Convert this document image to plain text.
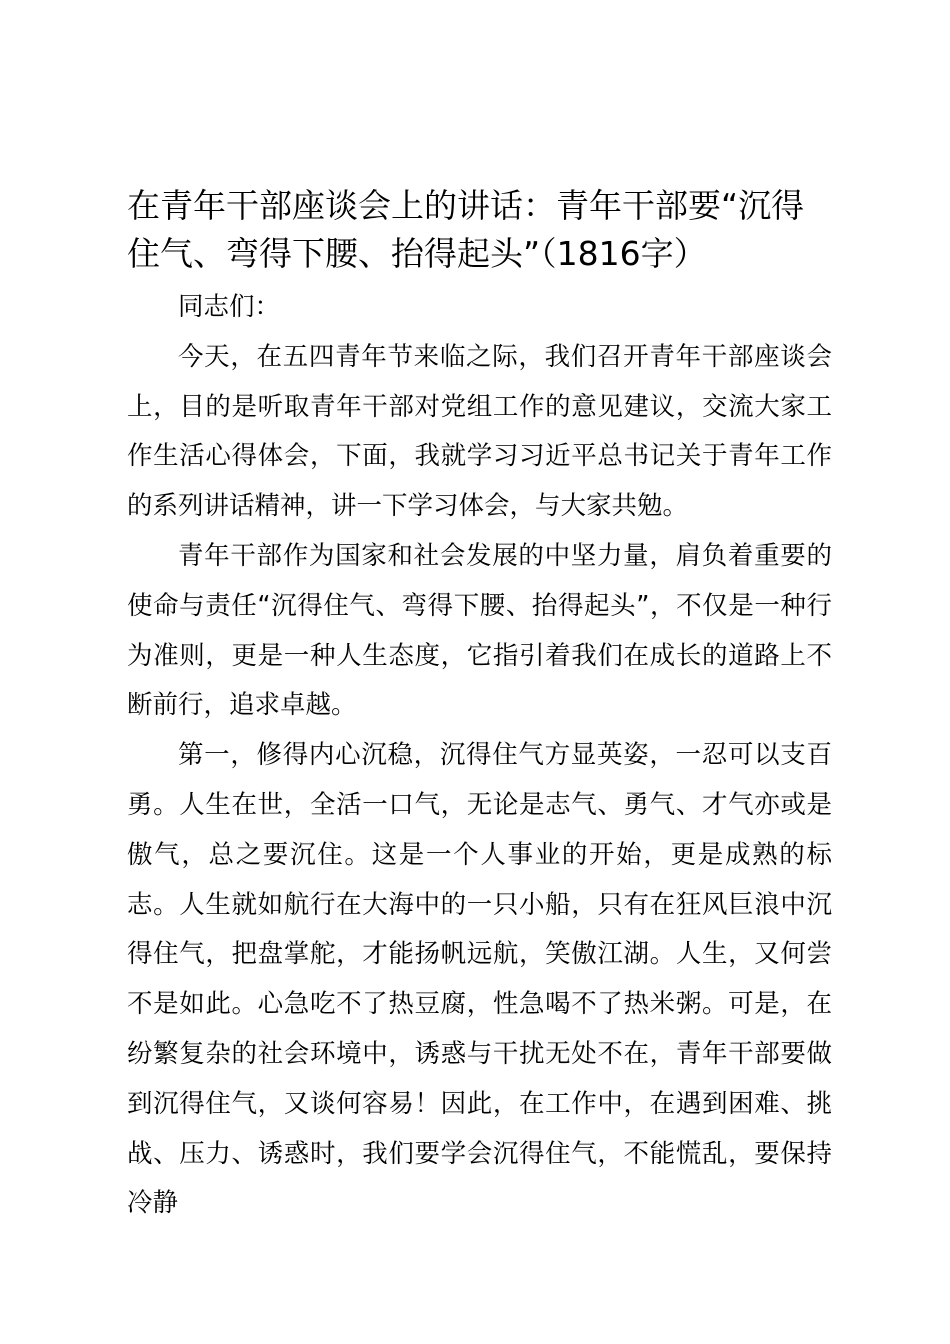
在青年干部座谈会上的讲话：青年干部要“沉得住气、弯得下腰、抬得起头”（1816字）

同志们：

今天，在五四青年节来临之际，我们召开青年干部座谈会上，目的是听取青年干部对党组工作的意见建议，交流大家工作生活心得体会，下面，我就学习习近平总书记关于青年工作的系列讲话精神，讲一下学习体会，与大家共勉。

青年干部作为国家和社会发展的中坚力量，肩负着重要的使命与责任“沉得住气、弯得下腰、抬得起头”，不仅是一种行为准则，更是一种人生态度，它指引着我们在成长的道路上不断前行，追求卓越。

第一，修得内心沉稳，沉得住气方显英姿，一忍可以支百勇。人生在世，全活一口气，无论是志气、勇气、才气亦或是傲气，总之要沉住。这是一个人事业的开始，更是成熟的标志。人生就如航行在大海中的一只小船，只有在狂风巨浪中沉得住气，把盘掌舵，才能扬帆远航，笑傲江湖。人生，又何尝不是如此。心急吃不了热豆腐，性急喝不了热米粥。可是，在纷繁复杂的社会环境中，诱惑与干扰无处不在，青年干部要做到沉得住气，又谈何容易！因此，在工作中，在遇到困难、挑战、压力、诱惑时，我们要学会沉得住气，不能慌乱，要保持冷静
